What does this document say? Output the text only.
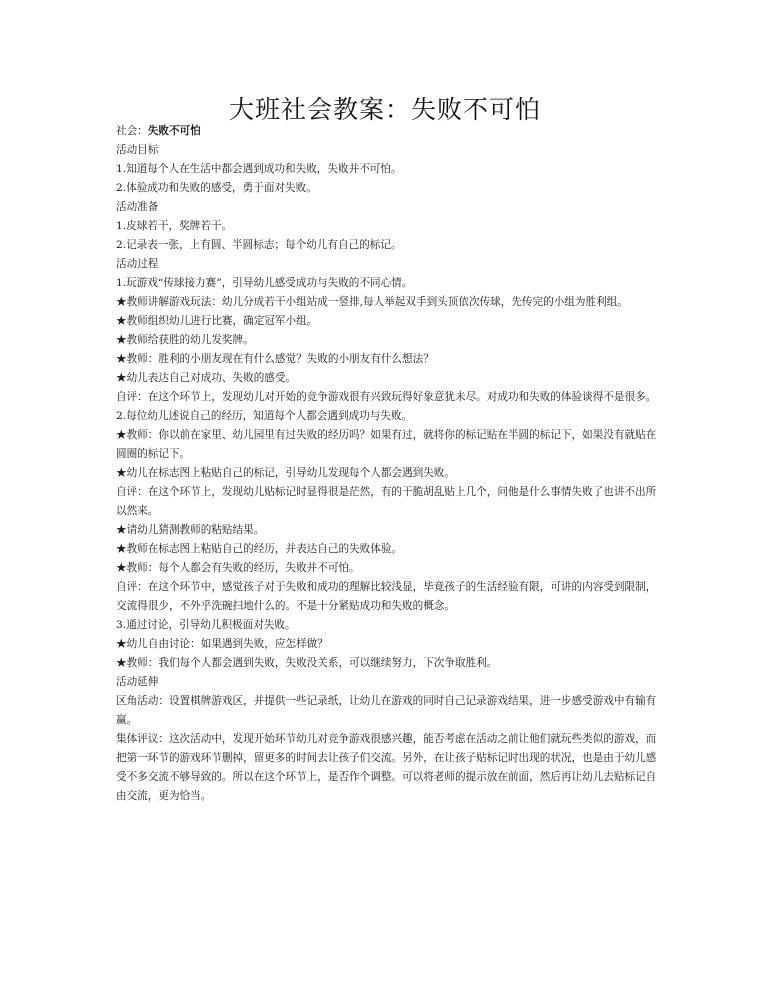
大班社会教案：失败不可怕

社会：失败不可怕

活动目标

1.知道每个人在生活中都会遇到成功和失败，失败并不可怕。

2.体验成功和失败的感受，勇于面对失败。

活动准备

1.皮球若干，奖牌若干。

2.记录表一张，上有圆、半圆标志；每个幼儿有自己的标记。

活动过程

1.玩游戏“传球接力赛”，引导幼儿感受成功与失败的不同心情。

★教师讲解游戏玩法：幼儿分成若干小组站成一竖排,每人举起双手到头顶依次传球，先传完的小组为胜利组。

★教师组织幼儿进行比赛，确定冠军小组。

★教师给获胜的幼儿发奖牌。

★教师：胜利的小朋友现在有什么感觉？失败的小朋友有什么想法？

★幼儿表达自己对成功、失败的感受。

自评：在这个环节上，发现幼儿对开始的竞争游戏很有兴致玩得好象意犹未尽。对成功和失败的体验谈得不是很多。

2.每位幼儿述说自己的经历，知道每个人都会遇到成功与失败。

★教师：你以前在家里、幼儿园里有过失败的经历吗？如果有过，就将你的标记贴在半圆的标记下，如果没有就贴在圆圈的标记下。

★幼儿在标志图上粘贴自己的标记，引导幼儿发现每个人都会遇到失败。

自评：在这个环节上，发现幼儿贴标记时显得很是茫然，有的干脆胡乱贴上几个，问他是什么事情失败了也讲不出所以然来。

★请幼儿猜测教师的粘贴结果。

★教师在标志图上粘贴自己的经历，并表达自己的失败体验。

★教师：每个人都会有失败的经历，失败并不可怕。

自评：在这个环节中，感觉孩子对于失败和成功的理解比较浅显，毕竟孩子的生活经验有限，可讲的内容受到限制，交流得很少，不外乎洗碗扫地什么的。不是十分紧贴成功和失败的概念。

3.通过讨论，引导幼儿积极面对失败。

★幼儿自由讨论：如果遇到失败，应怎样做？

★教师：我们每个人都会遇到失败，失败没关系，可以继续努力，下次争取胜利。

活动延伸

区角活动：设置棋牌游戏区，并提供一些记录纸，让幼儿在游戏的同时自己记录游戏结果，进一步感受游戏中有输有赢。

集体评议：这次活动中，发现开始环节幼儿对竞争游戏很感兴趣，能否考虑在活动之前让他们就玩些类似的游戏，而把第一环节的游戏环节删掉，留更多的时间去让孩子们交流。另外，在让孩子贴标记时出现的状况，也是由于幼儿感受不多交流不够导致的。所以在这个环节上，是否作个调整。可以将老师的提示放在前面，然后再让幼儿去贴标记自由交流，更为恰当。
